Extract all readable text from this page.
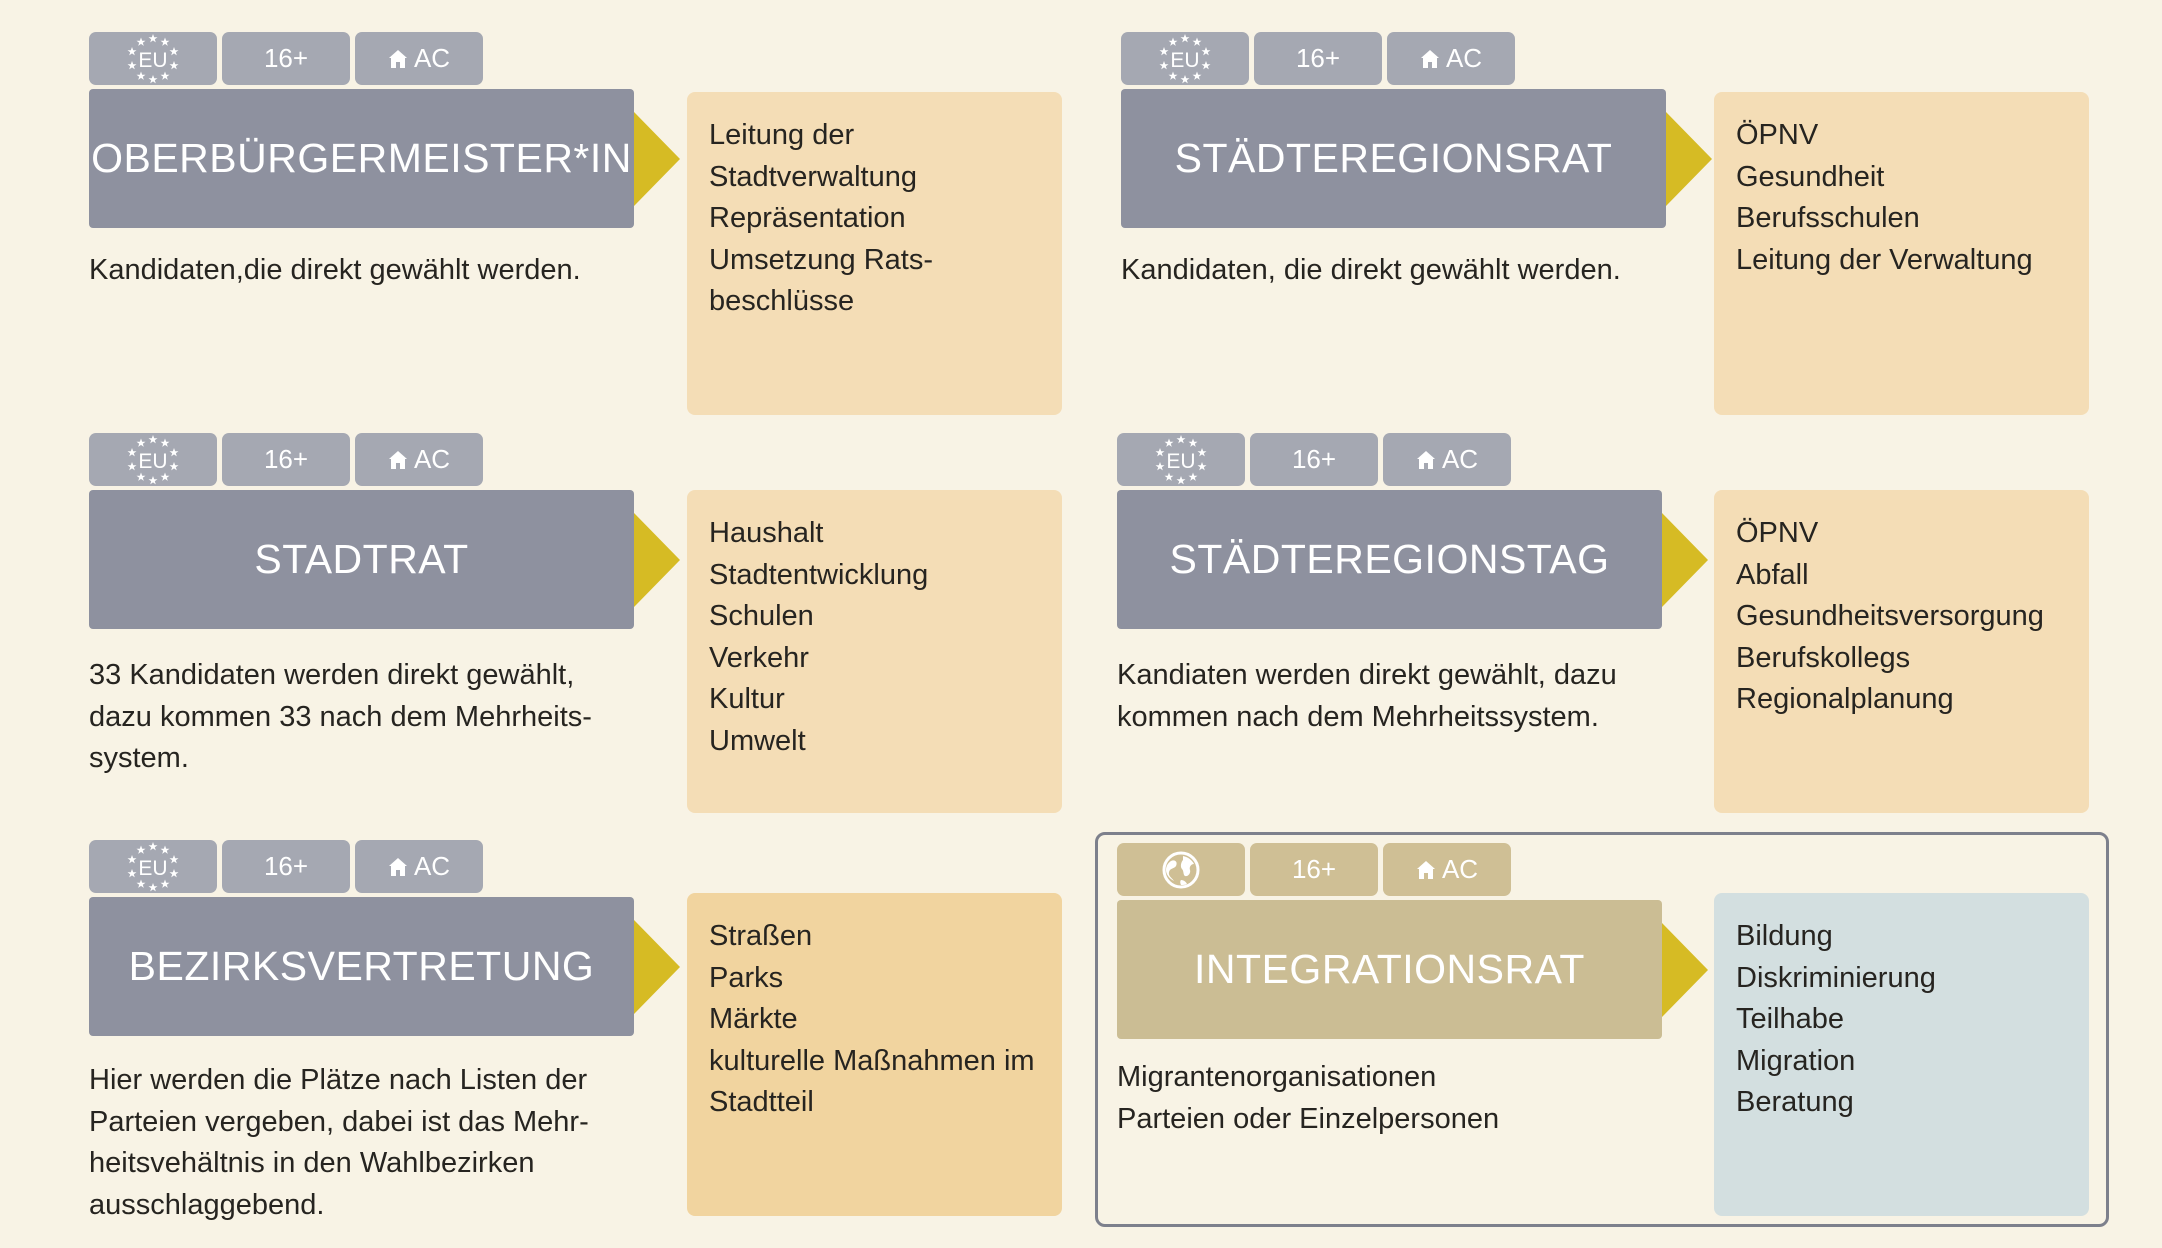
EU	16+	AC
OBERBÜRGERMEISTER*IN
Kandidaten,die direkt gewählt werden.
Leitung der
Stadtverwaltung
Repräsentation
Umsetzung Rats-
beschlüsse
EU	16+	AC
STÄDTEREGIONSRAT
Kandidaten, die direkt gewählt werden.
ÖPNV
Gesundheit
Berufsschulen
Leitung der Verwaltung
EU	16+	AC
STADTRAT
33 Kandidaten werden direkt gewählt,
dazu kommen 33 nach dem Mehrheits-
system.
Haushalt
Stadtentwicklung
Schulen
Verkehr
Kultur
Umwelt
EU	16+	AC
STÄDTEREGIONSTAG
Kandiaten werden direkt gewählt, dazu
kommen nach dem Mehrheitssystem.
ÖPNV
Abfall
Gesundheitsversorgung
Berufskollegs
Regionalplanung
EU	16+	AC
BEZIRKSVERTRETUNG
Hier werden die Plätze nach Listen der
Parteien vergeben, dabei ist das Mehr-
heitsvehältnis in den Wahlbezirken
ausschlaggebend.
Straßen
Parks
Märkte
kulturelle Maßnahmen im
Stadtteil
16+	AC
INTEGRATIONSRAT
Migrantenorganisationen
Parteien oder Einzelpersonen
Bildung
Diskriminierung
Teilhabe
Migration
Beratung
